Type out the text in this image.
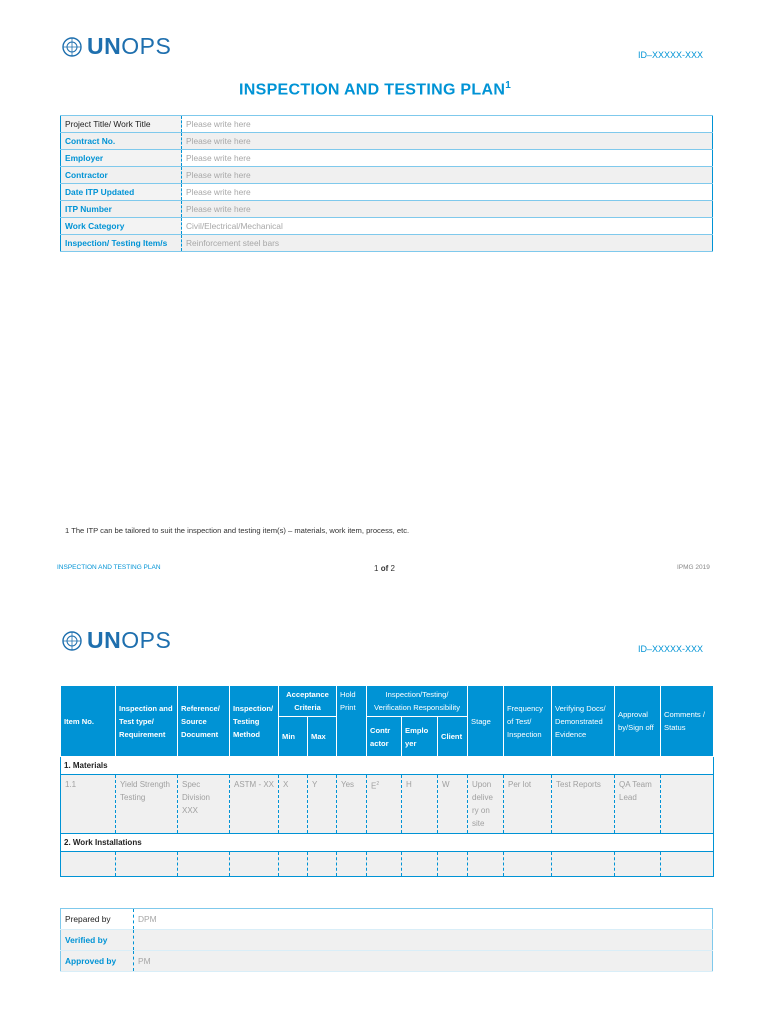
UN OPS	ID–XXXXX-XXX
INSPECTION AND TESTING PLAN$^1$
Project Title/ Work Title	Please write here
Contract No.	Please write here
Employer	Please write here
Contractor	Please write here
Date ITP Updated	Please write here
ITP Number	Please write here
Work Category	Civil/Electrical/Mechanical
Inspection/ Testing Item/s	Reinforcement steel bars
1 The ITP can be tailored to suit the inspection and testing item(s) – materials, work item, process, etc.
INSPECTION AND TESTING PLAN	1 of 2	IPMG 2019
UN OPS	ID–XXXXX-XXX
Item No.	Inspection and Test type/ Requirement	Reference/ Source Document	Inspection/ Testing Method	Acceptance Criteria		Hold Print	Inspection/Testing/ Verification Responsibility			Stage	Frequency of Test/ Inspection	Verifying Docs/ Demonstrated Evidence	Approval by/Sign off	Comments / Status
				Min	Max		Contr actor	Emplo yer	Client					
1. Materials														
1.1	Yield Strength Testing	Spec Division XXX	ASTM - XX	X	Y	Yes	$E^2$	H	W	Upon delive ry on site	Per lot	Test Reports	QA Team Lead	
2. Work Installations														

Prepared by	DPM
Verified by	
Approved by	PM
